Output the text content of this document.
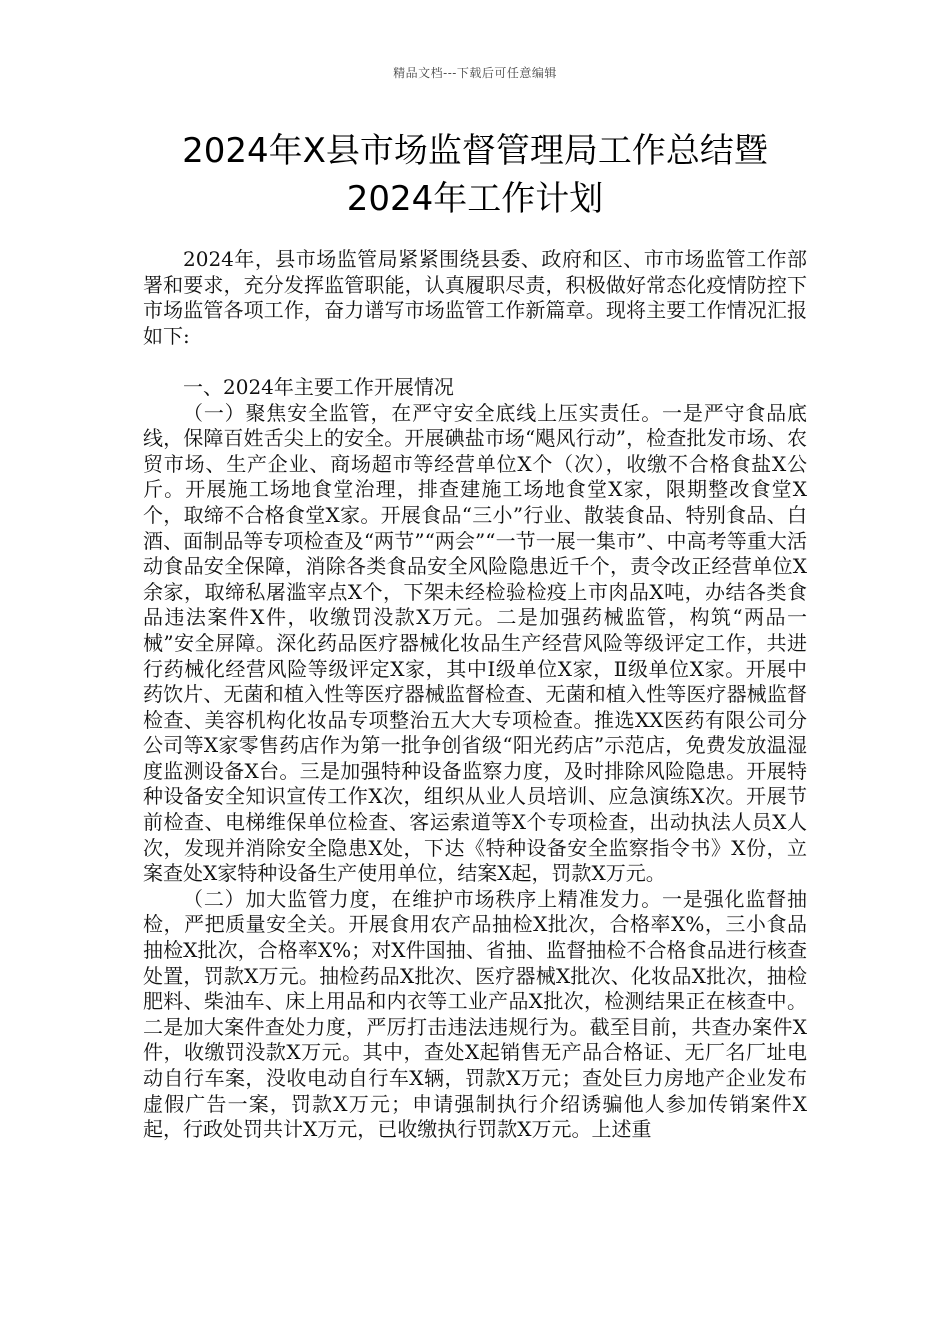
精品文档---下载后可任意编辑
2024年X县市场监督管理局工作总结暨
2024年工作计划

2024年，县市场监管局紧紧围绕县委、政府和区、市市场监管工作部署和要求，充分发挥监管职能，认真履职尽责，积极做好常态化疫情防控下市场监管各项工作，奋力谱写市场监管工作新篇章。现将主要工作情况汇报如下:

一、2024年主要工作开展情况

（一）聚焦安全监管，在严守安全底线上压实责任。一是严守食品底线，保障百姓舌尖上的安全。开展碘盐市场“飓风行动”，检查批发市场、农贸市场、生产企业、商场超市等经营单位X个（次），收缴不合格食盐X公斤。开展施工场地食堂治理，排查建施工场地食堂X家，限期整改食堂X个，取缔不合格食堂X家。开展食品“三小”行业、散装食品、特别食品、白酒、面制品等专项检查及“两节”“两会”“一节一展一集市”、中高考等重大活动食品安全保障，消除各类食品安全风险隐患近千个，责令改正经营单位X余家，取缔私屠滥宰点X个，下架未经检验检疫上市肉品X吨，办结各类食品违法案件X件，收缴罚没款X万元。二是加强药械监管，构筑“两品一械”安全屏障。深化药品医疗器械化妆品生产经营风险等级评定工作，共进行药械化经营风险等级评定X家，其中Ⅰ级单位X家，Ⅱ级单位X家。开展中药饮片、无菌和植入性等医疗器械监督检查、无菌和植入性等医疗器械监督检查、美容机构化妆品专项整治五大大专项检查。推选XX医药有限公司分公司等X家零售药店作为第一批争创省级“阳光药店”示范店，免费发放温湿度监测设备X台。三是加强特种设备监察力度，及时排除风险隐患。开展特种设备安全知识宣传工作X次，组织从业人员培训、应急演练X次。开展节前检查、电梯维保单位检查、客运索道等X个专项检查，出动执法人员X人次，发现并消除安全隐患X处，下达《特种设备安全监察指令书》X份，立案查处X家特种设备生产使用单位，结案X起，罚款X万元。

（二）加大监管力度，在维护市场秩序上精准发力。一是强化监督抽检，严把质量安全关。开展食用农产品抽检X批次，合格率X%，三小食品抽检X批次，合格率X%；对X件国抽、省抽、监督抽检不合格食品进行核查处置，罚款X万元。抽检药品X批次、医疗器械X批次、化妆品X批次，抽检肥料、柴油车、床上用品和内衣等工业产品X批次，检测结果正在核查中。二是加大案件查处力度，严厉打击违法违规行为。截至目前，共查办案件X件，收缴罚没款X万元。其中，查处X起销售无产品合格证、无厂名厂址电动自行车案，没收电动自行车X辆，罚款X万元；查处巨力房地产企业发布虚假广告一案，罚款X万元；申请强制执行介绍诱骗他人参加传销案件X起，行政处罚共计X万元，已收缴执行罚款X万元。上述重
